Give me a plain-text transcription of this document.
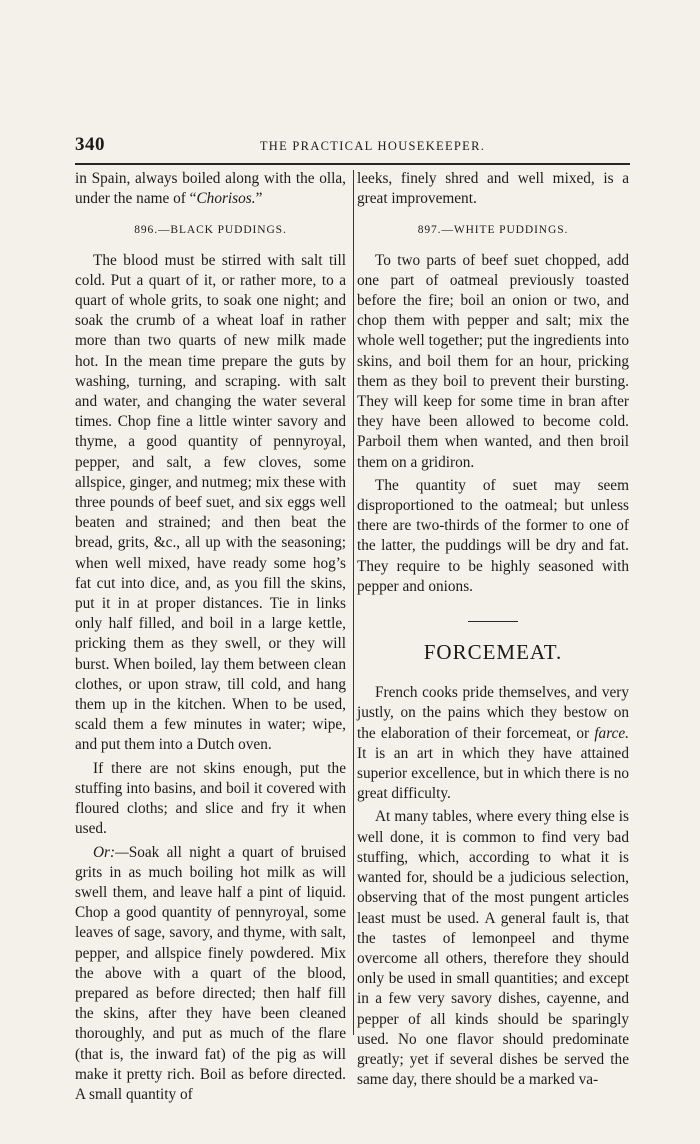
340	THE PRACTICAL HOUSEKEEPER.

in Spain, always boiled along with the olla, under the name of “Chorisos.”

896.—BLACK PUDDINGS.

The blood must be stirred with salt till cold. Put a quart of it, or rather more, to a quart of whole grits, to soak one night; and soak the crumb of a wheat loaf in rather more than two quarts of new milk made hot. In the mean time prepare the guts by washing, turning, and scraping. with salt and water, and changing the water several times. Chop fine a little winter savory and thyme, a good quantity of pennyroyal, pepper, and salt, a few cloves, some allspice, ginger, and nutmeg; mix these with three pounds of beef suet, and six eggs well beaten and strained; and then beat the bread, grits, &c., all up with the seasoning; when well mixed, have ready some hog’s fat cut into dice, and, as you fill the skins, put it in at proper distances. Tie in links only half filled, and boil in a large kettle, pricking them as they swell, or they will burst. When boiled, lay them between clean clothes, or upon straw, till cold, and hang them up in the kitchen. When to be used, scald them a few minutes in water; wipe, and put them into a Dutch oven.

If there are not skins enough, put the stuffing into basins, and boil it covered with floured cloths; and slice and fry it when used.

Or:—Soak all night a quart of bruised grits in as much boiling hot milk as will swell them, and leave half a pint of liquid. Chop a good quantity of pennyroyal, some leaves of sage, savory, and thyme, with salt, pepper, and allspice finely powdered. Mix the above with a quart of the blood, prepared as before directed; then half fill the skins, after they have been cleaned thoroughly, and put as much of the flare (that is, the inward fat) of the pig as will make it pretty rich. Boil as before directed. A small quantity of

leeks, finely shred and well mixed, is a great improvement.

897.—WHITE PUDDINGS.

To two parts of beef suet chopped, add one part of oatmeal previously toasted before the fire; boil an onion or two, and chop them with pepper and salt; mix the whole well together; put the ingredients into skins, and boil them for an hour, pricking them as they boil to prevent their bursting. They will keep for some time in bran after they have been allowed to become cold. Parboil them when wanted, and then broil them on a gridiron.

The quantity of suet may seem disproportioned to the oatmeal; but unless there are two-thirds of the former to one of the latter, the puddings will be dry and fat. They require to be highly seasoned with pepper and onions.

FORCEMEAT.

French cooks pride themselves, and very justly, on the pains which they bestow on the elaboration of their forcemeat, or farce. It is an art in which they have attained superior excellence, but in which there is no great difficulty.

At many tables, where every thing else is well done, it is common to find very bad stuffing, which, according to what it is wanted for, should be a judicious selection, observing that of the most pungent articles least must be used. A general fault is, that the tastes of lemonpeel and thyme overcome all others, therefore they should only be used in small quantities; and except in a few very savory dishes, cayenne, and pepper of all kinds should be sparingly used. No one flavor should predominate greatly; yet if several dishes be served the same day, there should be a marked va-
